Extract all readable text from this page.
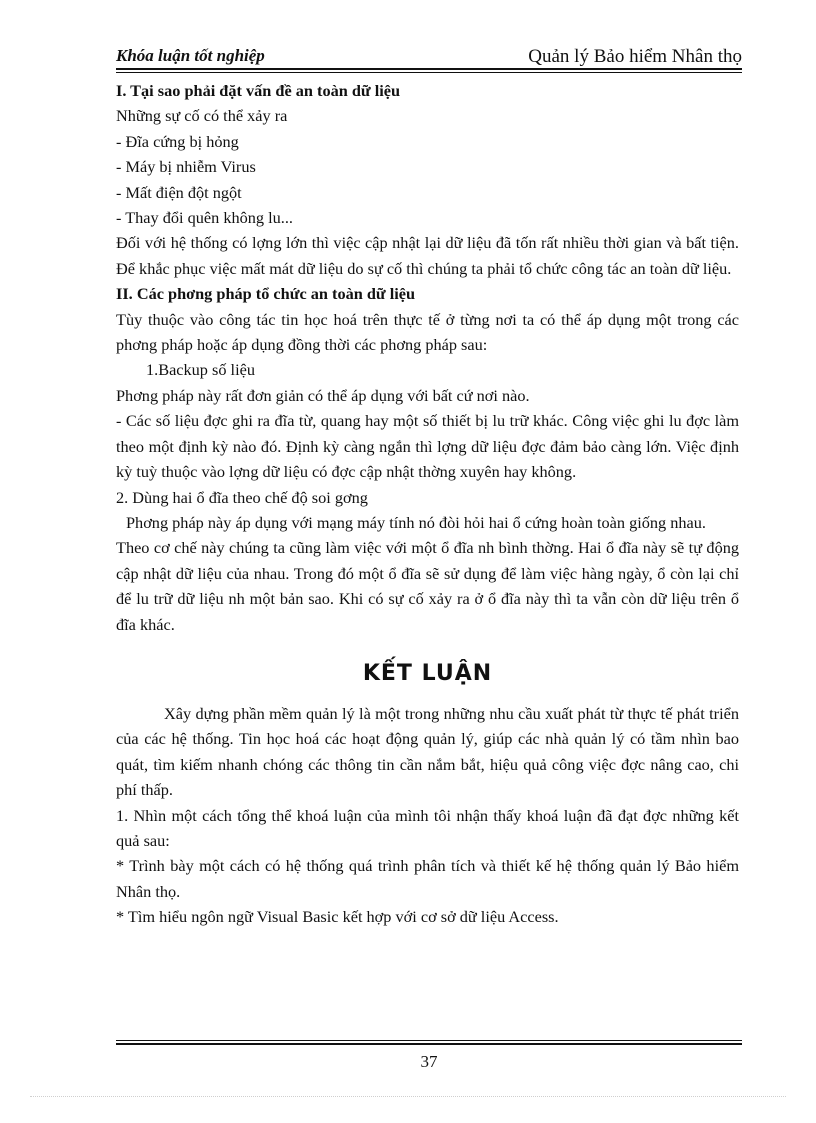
Khóa luận tốt nghiệp	Quản lý Bảo hiểm Nhân thọ

I. Tại sao phải đặt vấn đề an toàn dữ liệu

Những sự cố có thể xảy ra

- Đĩa cứng bị hỏng

- Máy bị nhiễm Virus

- Mất điện đột ngột

- Thay đổi quên không lu...

Đối với hệ thống có lợng lớn thì việc cập nhật lại dữ liệu đã tốn rất nhiều thời gian và bất tiện. Để khắc phục việc mất mát dữ liệu do sự cố thì chúng ta phải tổ chức công tác an toàn dữ liệu.

II. Các phơng pháp tổ chức an toàn dữ liệu

Tùy thuộc vào công tác tin học hoá trên thực tế ở từng nơi ta có thể áp dụng một trong các phơng pháp hoặc áp dụng đồng thời các phơng pháp sau:

1.Backup số liệu

Phơng pháp này rất đơn giản có thể áp dụng với bất cứ nơi nào.

- Các số liệu đợc ghi ra đĩa từ, quang hay một số thiết bị lu trữ khác. Công việc ghi lu đợc làm theo một định kỳ nào đó. Định kỳ càng ngắn thì lợng dữ liệu đợc đảm bảo càng lớn. Việc định kỳ tuỳ thuộc vào lợng dữ liệu có đợc cập nhật thờng xuyên hay không.

2. Dùng hai ổ đĩa theo chế độ soi gơng

Phơng pháp này áp dụng với mạng máy tính nó đòi hỏi hai ổ cứng hoàn toàn giống nhau.

Theo cơ chế này chúng ta cũng làm việc với một ổ đĩa nh bình thờng. Hai ổ đĩa này sẽ tự động cập nhật dữ liệu của nhau. Trong đó một ổ đĩa sẽ sử dụng để làm việc hàng ngày, ổ còn lại chỉ để lu trữ dữ liệu nh một bản sao. Khi có sự cố xảy ra ở ổ đĩa này thì ta vẫn còn dữ liệu trên ổ đĩa khác.

KẾT LUẬN

Xây dựng phần mềm quản lý là một trong những nhu cầu xuất phát từ thực tế phát triển của các hệ thống. Tin học hoá các hoạt động quản lý, giúp các nhà quản lý có tầm nhìn bao quát, tìm kiếm nhanh chóng các thông tin cần nắm bắt, hiệu quả công việc đợc nâng cao, chi phí thấp.

1. Nhìn một cách tổng thể khoá luận của mình tôi nhận thấy khoá luận đã đạt đợc những kết quả sau:

* Trình bày một cách có hệ thống quá trình phân tích và thiết kế hệ thống quản lý Bảo hiểm Nhân thọ.

* Tìm hiểu ngôn ngữ Visual Basic kết hợp với cơ sở dữ liệu Access.

37
